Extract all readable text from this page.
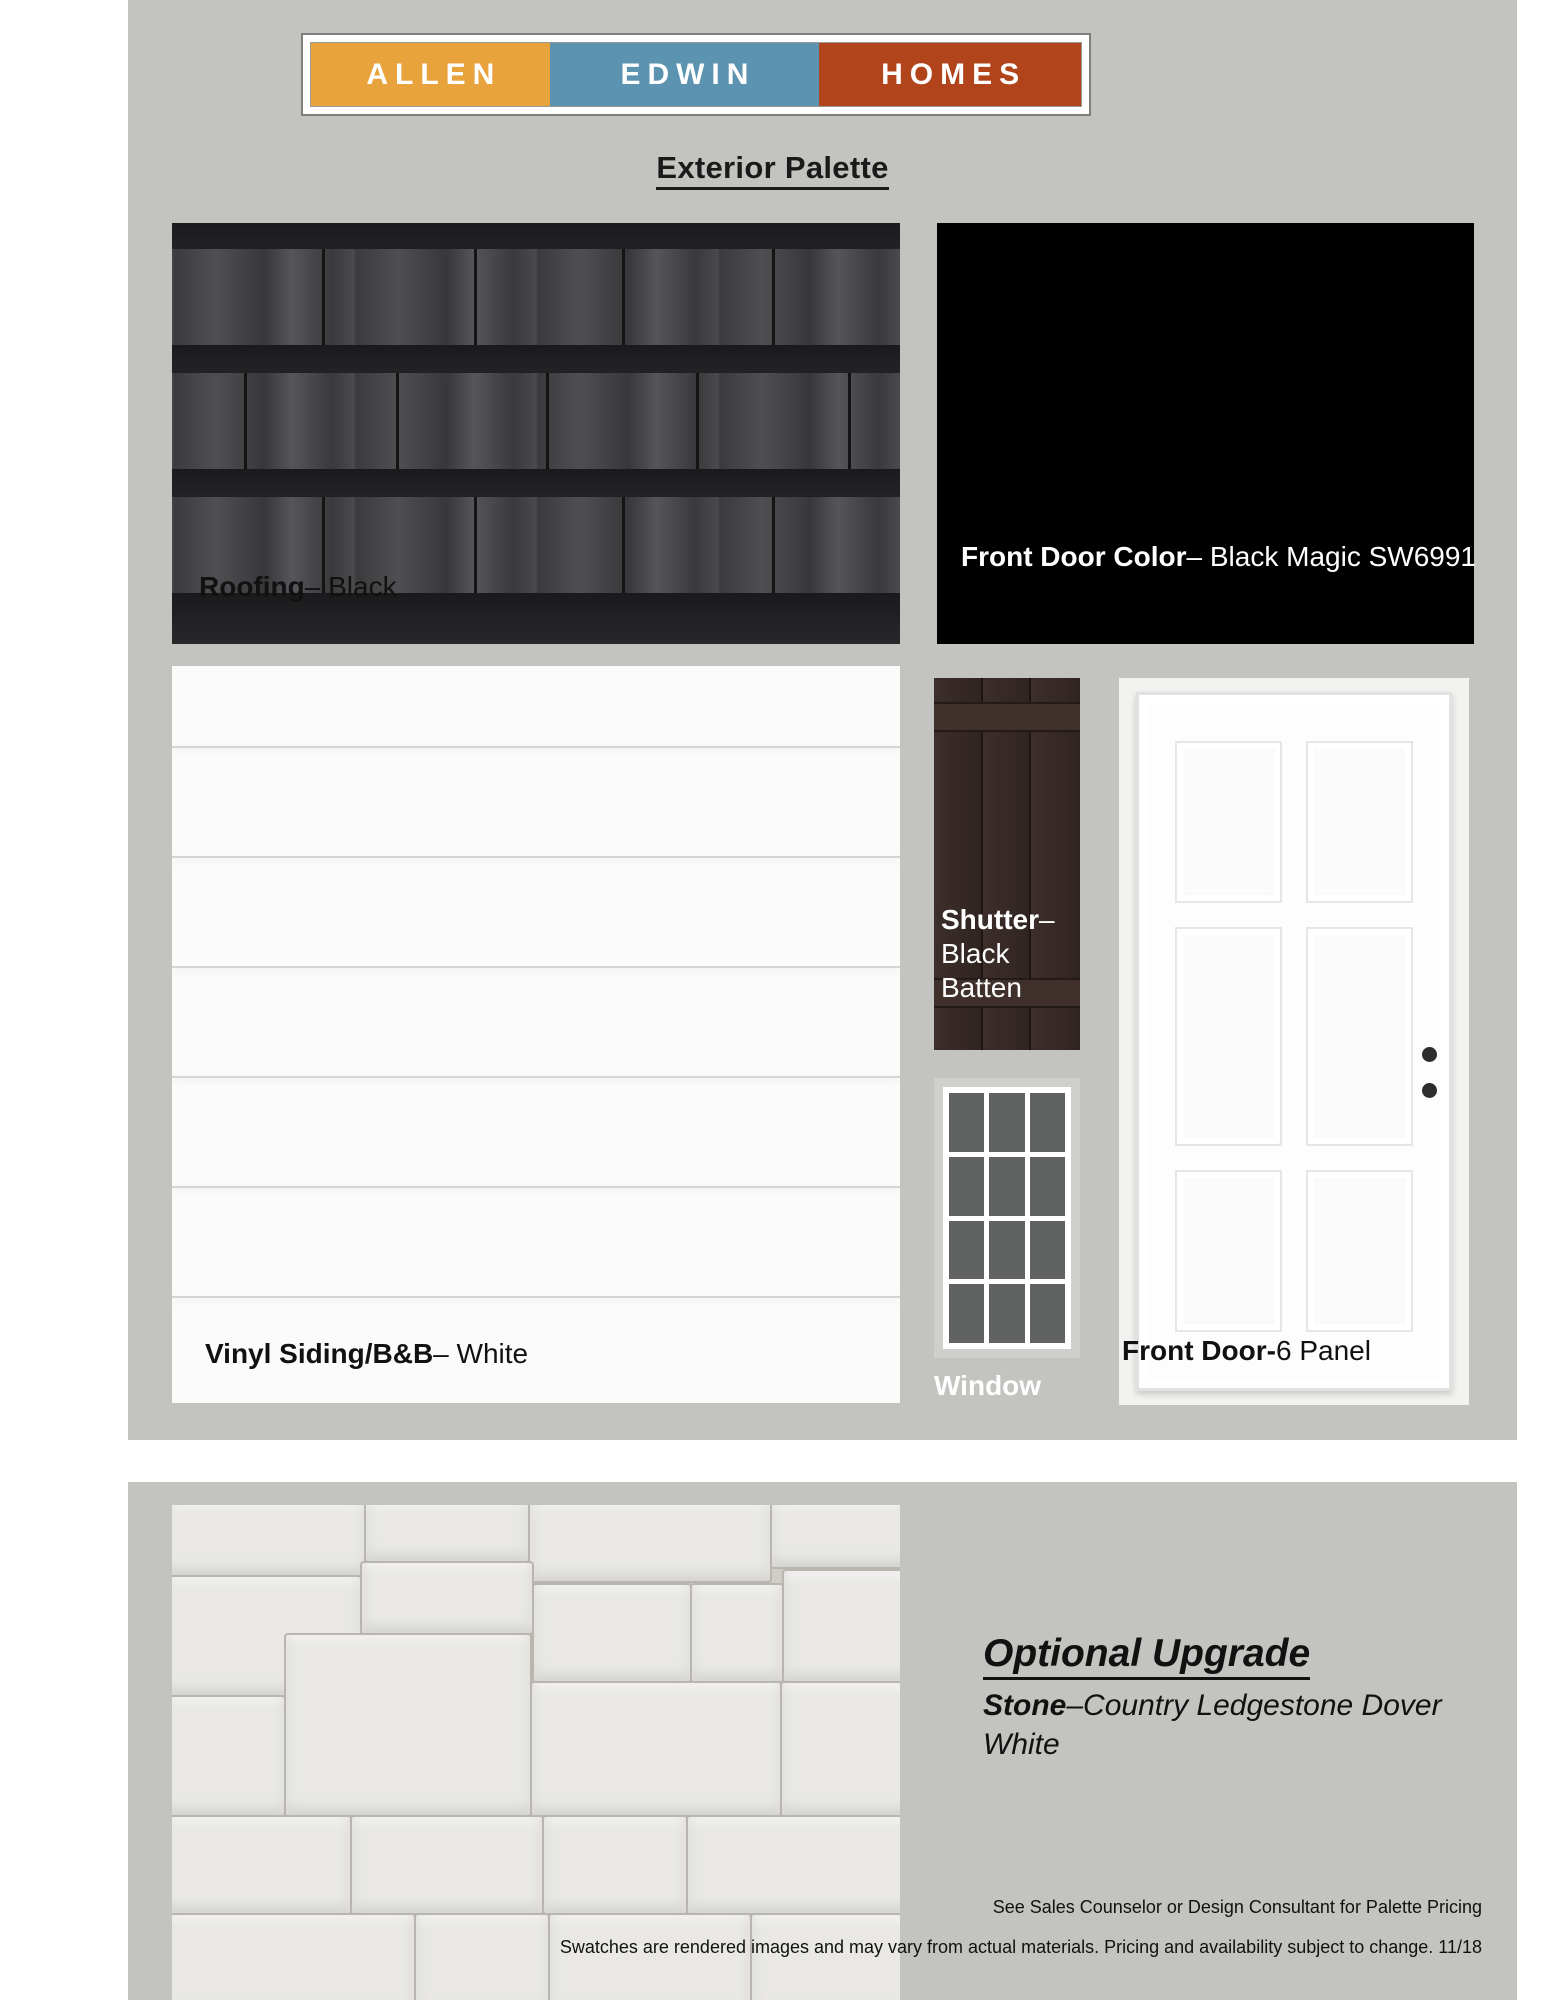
ALLEN	EDWIN	HOMES
Exterior Palette
Roofing– Black
Front Door Color– Black Magic SW6991
Vinyl Siding/B&B– White
Shutter– Black Batten
Window
Front Door-6 Panel
Optional Upgrade
Stone–Country Ledgestone Dover White
See Sales Counselor or Design Consultant for Palette Pricing
Swatches are rendered images and may vary from actual materials. Pricing and availability subject to change. 11/18
